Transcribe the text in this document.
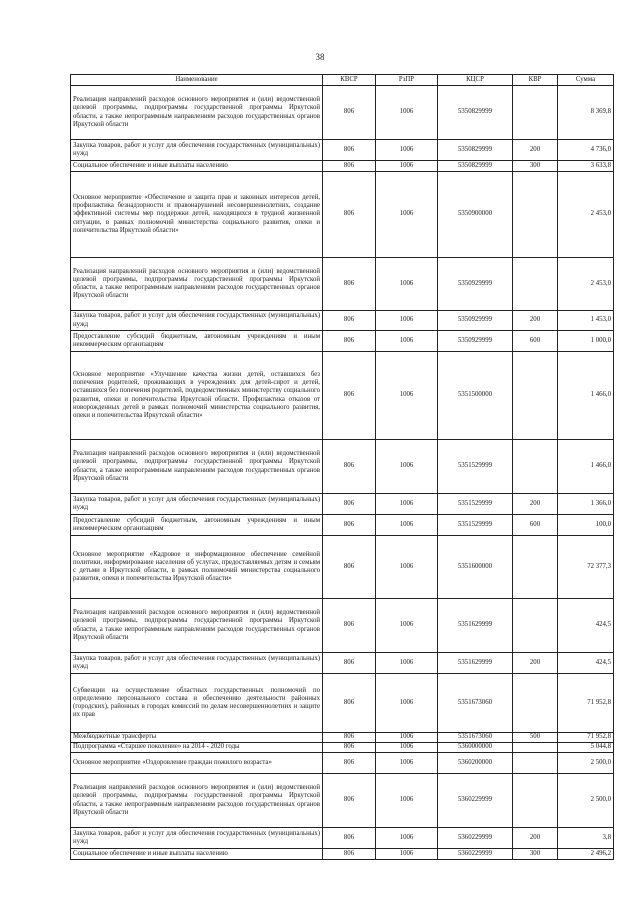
38
Наименование	КВСР	РзПР	КЦСР	КВР	Сумма
Реализация направлений расходов основного мероприятия и (или) ведомственной целевой программы, подпрограммы государственной программы Иркутской области, а также непрограммным направлениям расходов государственных органов Иркутской области	806	1006	5350829999		8 369,8
Закупка товаров, работ и услуг для обеспечения государственных (муниципальных) нужд	806	1006	5350829999	200	4 736,0
Социальное обеспечение и иные выплаты населению	806	1006	5350829999	300	3 633,8
Основное мероприятие «Обеспечение и защита прав и законных интересов детей, профилактика безнадзорности и правонарушений несовершеннолетних, создание эффективной системы мер поддержки детей, находящихся в трудной жизненной ситуации, в рамках полномочий министерства социального развития, опеки и попечительства Иркутской области»	806	1006	5350900000		2 453,0
Реализация направлений расходов основного мероприятия и (или) ведомственной целевой программы, подпрограммы государственной программы Иркутской области, а также непрограммным направлениям расходов государственных органов Иркутской области	806	1006	5350929999		2 453,0
Закупка товаров, работ и услуг для обеспечения государственных (муниципальных) нужд	806	1006	5350929999	200	1 453,0
Предоставление субсидий бюджетным, автономным учреждениям и иным некоммерческим организациям	806	1006	5350929999	600	1 000,0
Основное мероприятие «Улучшение качества жизни детей, оставшихся без попечения родителей, проживающих в учреждениях для детей-сирот и детей, оставшихся без попечения родителей, подведомственных министерству социального развития, опеки и попечительства Иркутской области. Профилактика отказов от новорожденных детей в рамках полномочий министерства социального развития, опеки и попечительства Иркутской области»	806	1006	5351500000		1 466,0
Реализация направлений расходов основного мероприятия и (или) ведомственной целевой программы, подпрограммы государственной программы Иркутской области, а также непрограммным направлениям расходов государственных органов Иркутской области	806	1006	5351529999		1 466,0
Закупка товаров, работ и услуг для обеспечения государственных (муниципальных) нужд	806	1006	5351529999	200	1 366,0
Предоставление субсидий бюджетным, автономным учреждениям и иным некоммерческим организациям	806	1006	5351529999	600	100,0
Основное мероприятие «Кадровое и информационное обеспечение семейной политики, информирование населения об услугах, предоставляемых детям и семьям с детьми в Иркутской области, в рамках полномочий министерства социального развития, опеки и попечительства Иркутской области»	806	1006	5351600000		72 377,3
Реализация направлений расходов основного мероприятия и (или) ведомственной целевой программы, подпрограммы государственной программы Иркутской области, а также непрограммным направлениям расходов государственных органов Иркутской области	806	1006	5351629999		424,5
Закупка товаров, работ и услуг для обеспечения государственных (муниципальных) нужд	806	1006	5351629999	200	424,5
Субвенции на осуществление областных государственных полномочий по определению персонального состава и обеспечению деятельности районных (городских), районных в городах комиссий по делам несовершеннолетних и защите их прав	806	1006	5351673060		71 952,8
Межбюджетные трансферты	806	1006	5351673060	500	71 952,8
Подпрограмма «Старшее поколение» на 2014 - 2020 годы	806	1006	5360000000		5 044,8
Основное мероприятие «Оздоровление граждан пожилого возраста»	806	1006	5360200000		2 500,0
Реализация направлений расходов основного мероприятия и (или) ведомственной целевой программы, подпрограммы государственной программы Иркутской области, а также непрограммным направлениям расходов государственных органов Иркутской области	806	1006	5360229999		2 500,0
Закупка товаров, работ и услуг для обеспечения государственных (муниципальных) нужд	806	1006	5360229999	200	3,8
Социальное обеспечение и иные выплаты населению	806	1006	5360229999	300	2 496,2
